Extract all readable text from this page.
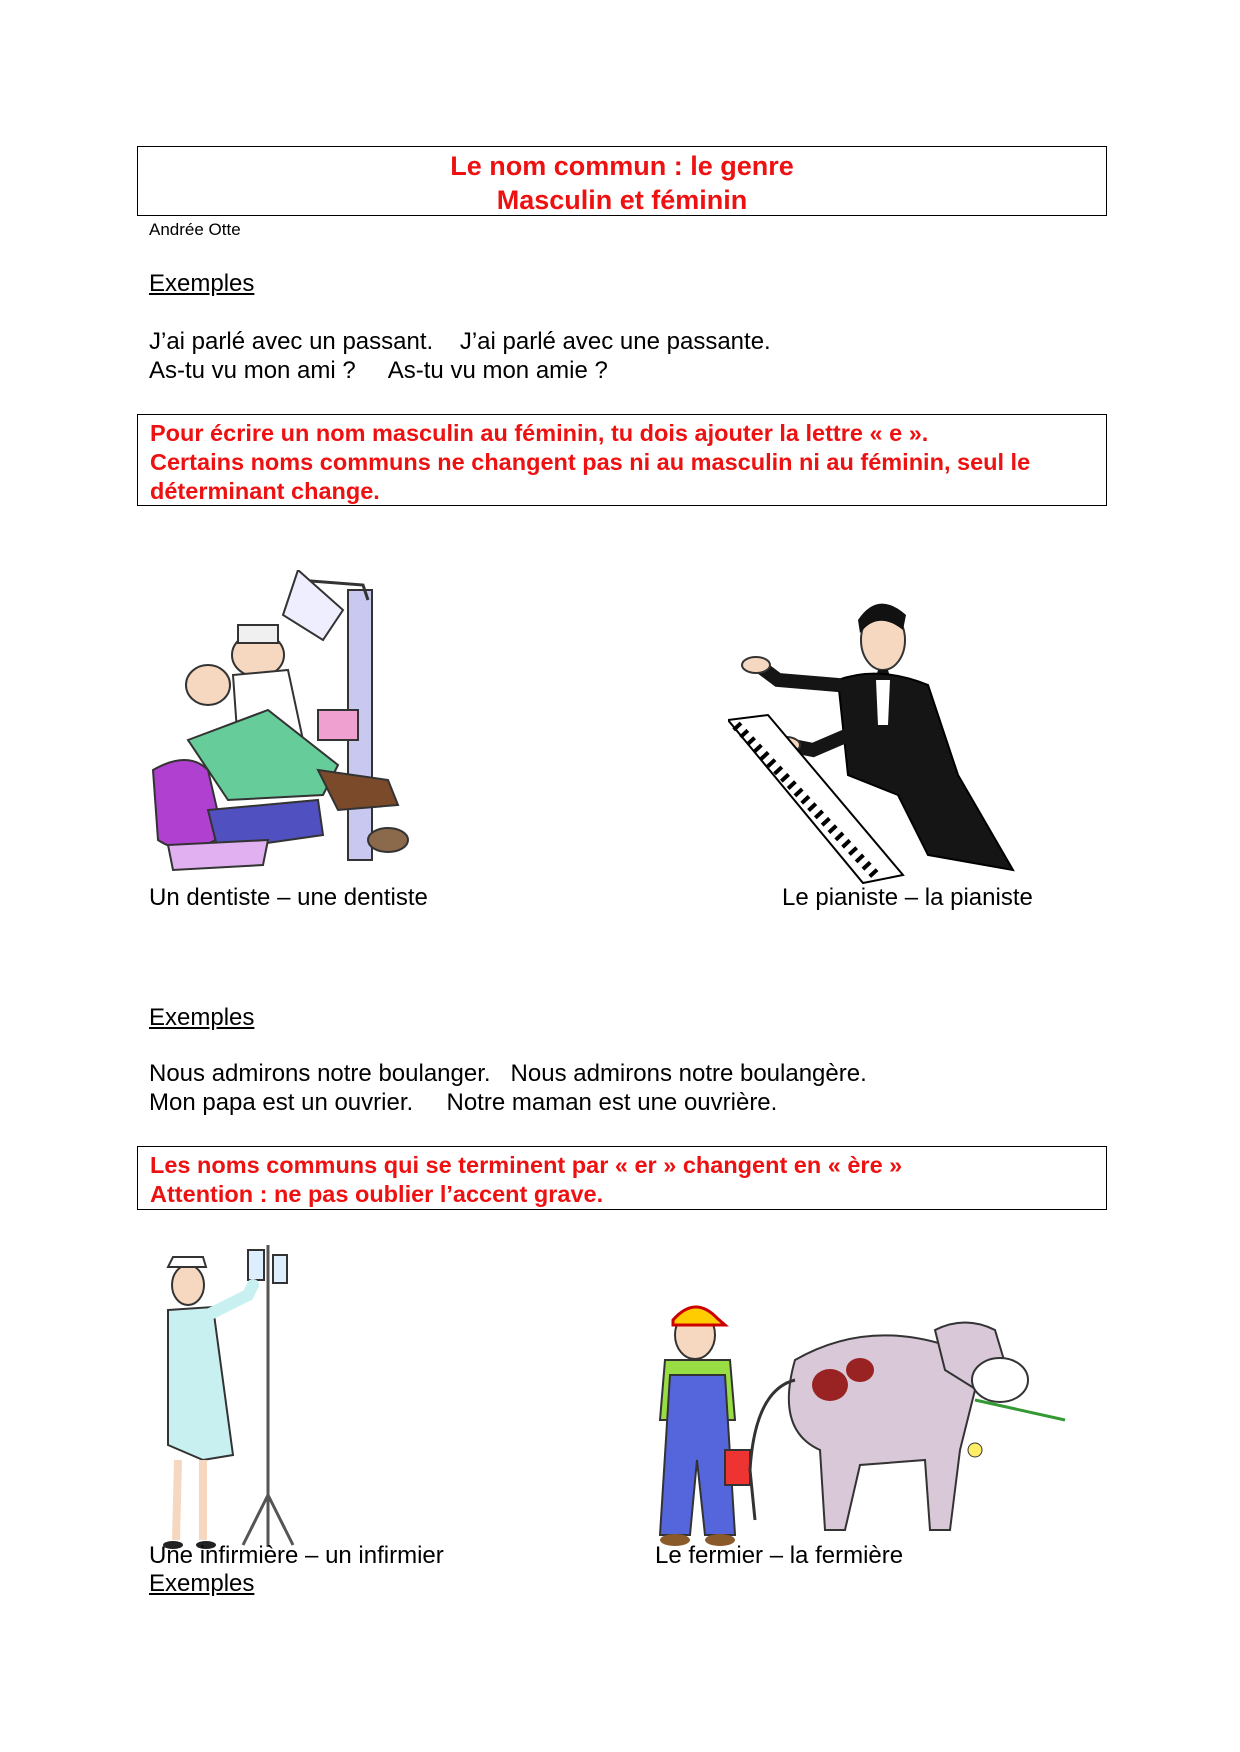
Le nom commun : le genre
Masculin et féminin
Andrée Otte
Exemples
J’ai parlé avec un passant.    J’ai parlé avec une passante.
As-tu vu mon ami ?     As-tu vu mon amie ?
Pour écrire un nom masculin au féminin, tu dois ajouter la lettre « e ».
Certains noms communs ne changent pas ni au masculin ni au féminin, seul le
déterminant change.
Un dentiste – une dentiste	Le pianiste – la pianiste
Exemples
Nous admirons notre boulanger.   Nous admirons notre boulangère.
Mon papa est un ouvrier.     Notre maman est une ouvrière.
Les noms communs qui se terminent par « er » changent en « ère »
Attention : ne pas oublier l’accent grave.
Une infirmière – un infirmier	Le fermier – la fermière
Exemples
